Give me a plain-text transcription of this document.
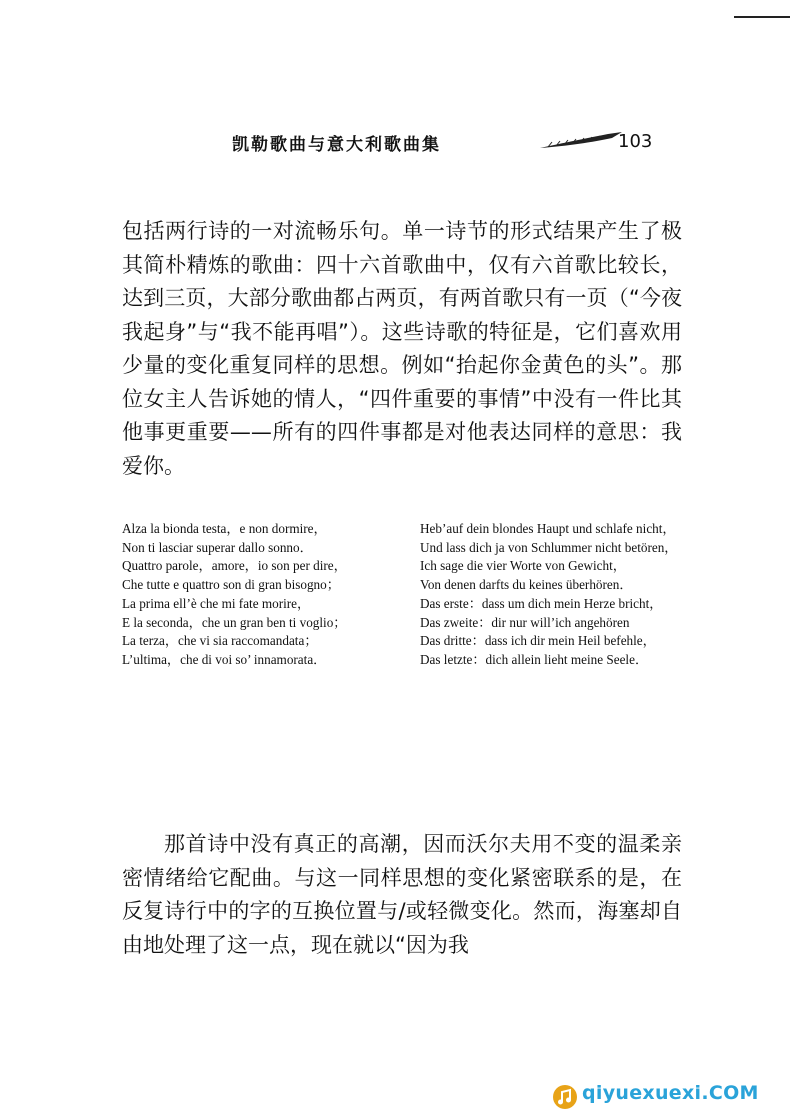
凯勒歌曲与意大利歌曲集	103

包括两行诗的一对流畅乐句。单一诗节的形式结果产生了极其简朴精炼的歌曲：四十六首歌曲中，仅有六首歌比较长，达到三页，大部分歌曲都占两页，有两首歌只有一页（“今夜我起身”与“我不能再唱”）。这些诗歌的特征是，它们喜欢用少量的变化重复同样的思想。例如“抬起你金黄色的头”。那位女主人告诉她的情人，“四件重要的事情”中没有一件比其他事更重要——所有的四件事都是对他表达同样的意思：我爱你。

Alza la bionda testa，e non dormire，

Non ti lasciar superar dallo sonno．

Quattro parole，amore，io son per dire，

Che tutte e quattro son di gran bisogno；

La prima ell’è che mi fate morire，

E la seconda，che un gran ben ti voglio；

La terza，che vi sia raccomandata；

L’ultima，che di voi so’ innamorata．

Heb’auf dein blondes Haupt und schlafe nicht，

Und lass dich ja von Schlummer nicht betören，

Ich sage die vier Worte von Gewicht，

Von denen darfts du keines überhören．

Das erste：dass um dich mein Herze bricht，

Das zweite：dir nur will’ich angehören

Das dritte：dass ich dir mein Heil befehle，

Das letzte：dich allein lieht meine Seele．

那首诗中没有真正的高潮，因而沃尔夫用不变的温柔亲密情绪给它配曲。与这一同样思想的变化紧密联系的是，在反复诗行中的字的互换位置与/或轻微变化。然而，海塞却自由地处理了这一点，现在就以“因为我

qiyuexuexi.COM
